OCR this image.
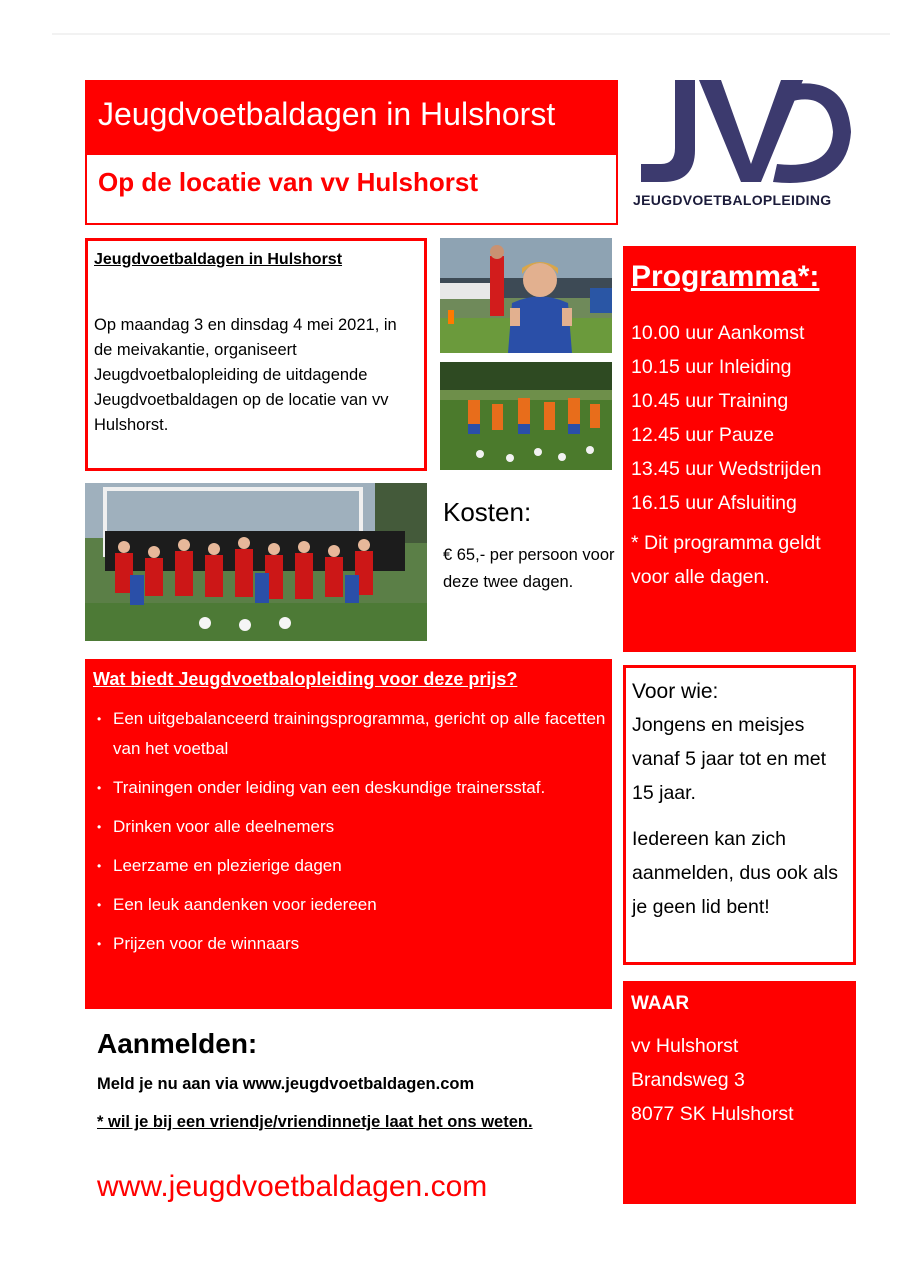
Jeugdvoetbaldagen in Hulshorst
Op de locatie van vv Hulshorst
JEUGDVOETBALOPLEIDING
Jeugdvoetbaldagen in Hulshorst
Op maandag 3 en dinsdag 4 mei 2021, in de meivakantie, organiseert Jeugdvoetbalopleiding de uitdagende Jeugdvoetbaldagen op de locatie van vv Hulshorst.
Kosten:
€ 65,- per persoon voor deze twee dagen.
Programma*:
10.00 uur Aankomst
10.15 uur Inleiding
10.45 uur Training
12.45 uur Pauze
13.45 uur Wedstrijden
16.15 uur Afsluiting
* Dit programma geldt voor alle dagen.
Wat biedt Jeugdvoetbalopleiding voor deze prijs?
• Een uitgebalanceerd trainingsprogramma, gericht op alle facetten van het voetbal
• Trainingen onder leiding van een deskundige trainersstaf.
• Drinken voor alle deelnemers
• Leerzame en plezierige dagen
• Een leuk aandenken voor iedereen
• Prijzen voor de winnaars
Voor wie:
Jongens en meisjes vanaf 5 jaar tot en met 15 jaar.
Iedereen kan zich aanmelden, dus ook als je geen lid bent!
WAAR
vv Hulshorst
Brandsweg 3
8077 SK Hulshorst
Aanmelden:
Meld je nu aan via www.jeugdvoetbaldagen.com
* wil je bij een vriendje/vriendinnetje laat het ons weten.
www.jeugdvoetbaldagen.com
